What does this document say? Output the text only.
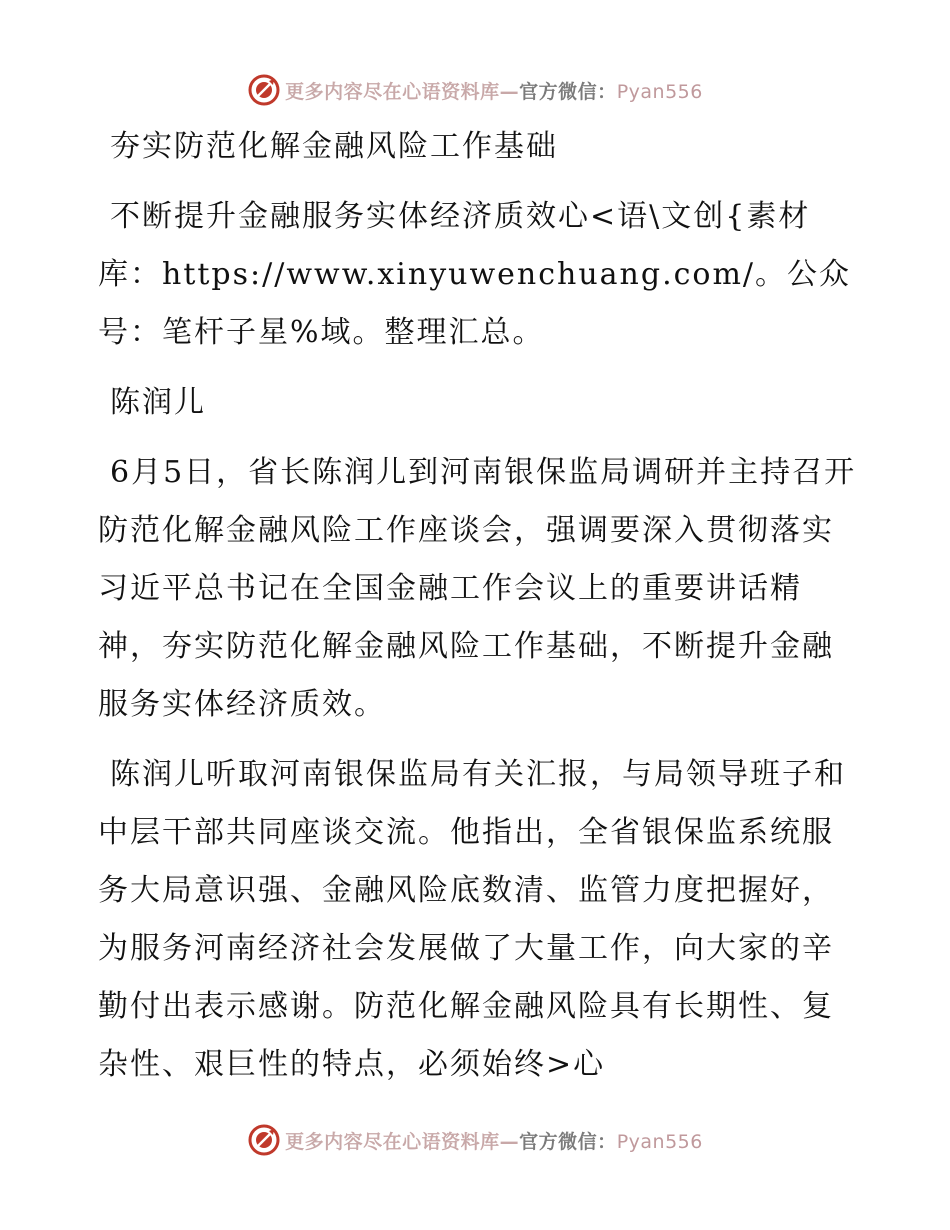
更多内容尽在心语资料库—官方微信：Pyan556

夯实防范化解金融风险工作基础

不断提升金融服务实体经济质效心<语\文创{素材库：https://www.xinyuwenchuang.com/。公众号：笔杆子星%域。整理汇总。

陈润儿

6月5日，省长陈润儿到河南银保监局调研并主持召开防范化解金融风险工作座谈会，强调要深入贯彻落实习近平总书记在全国金融工作会议上的重要讲话精神，夯实防范化解金融风险工作基础，不断提升金融服务实体经济质效。

陈润儿听取河南银保监局有关汇报，与局领导班子和中层干部共同座谈交流。他指出，全省银保监系统服务大局意识强、金融风险底数清、监管力度把握好，为服务河南经济社会发展做了大量工作，向大家的辛勤付出表示感谢。防范化解金融风险具有长期性、复杂性、艰巨性的特点，必须始终>心

更多内容尽在心语资料库—官方微信：Pyan556
